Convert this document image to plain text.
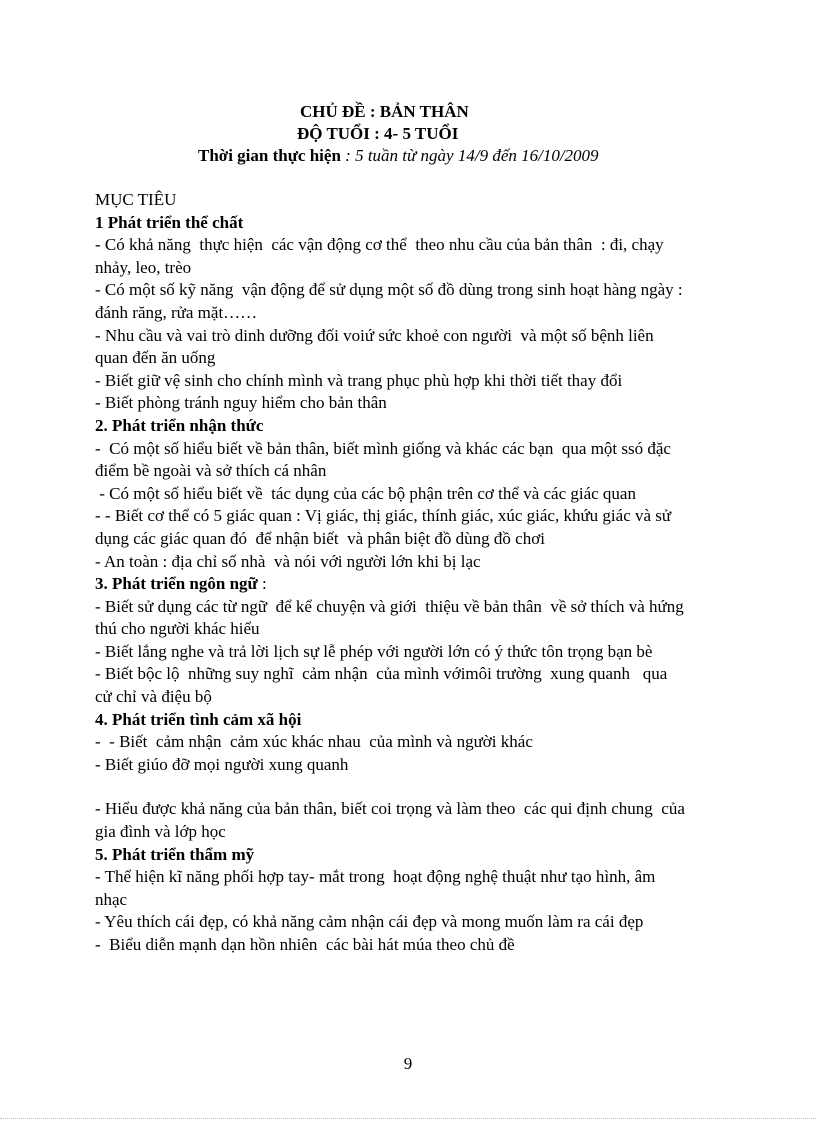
CHỦ ĐỀ : BẢN THÂN
ĐỘ TUỔI : 4- 5 TUỔI
Thời gian thực hiện : 5 tuần từ ngày 14/9 đến 16/10/2009
MỤC TIÊU
1 Phát triển thể chất
- Có khả năng  thực hiện  các vận động cơ thể  theo nhu cầu của bản thân  : đi, chạy
nhảy, leo, trèo
- Có một số kỹ năng  vận động để sử dụng một số đồ dùng trong sinh hoạt hàng ngày :
đánh răng, rửa mặt……
- Nhu cầu và vai trò dinh dưỡng đối voiứ sức khoẻ con người  và một số bệnh liên
quan đến ăn uống
- Biết giữ vệ sinh cho chính mình và trang phục phù hợp khi thời tiết thay đổi
- Biết phòng tránh nguy hiểm cho bản thân
2. Phát triển nhận thức
-  Có một số hiểu biết về bản thân, biết mình giống và khác các bạn  qua một ssó đặc
điểm bề ngoài và sở thích cá nhân
- Có một số hiểu biết về  tác dụng của các bộ phận trên cơ thể và các giác quan
- - Biết cơ thể có 5 giác quan : Vị giác, thị giác, thính giác, xúc giác, khứu giác và sử
dụng các giác quan đó  để nhận biết  và phân biệt đồ dùng đồ chơi
- An toàn : địa chỉ số nhà  và nói với người lớn khi bị lạc
3. Phát triển ngôn ngữ :
- Biết sử dụng các từ ngữ  để kể chuyện và giới  thiệu về bản thân  về sở thích và hứng
thú cho người khác hiểu
- Biết lắng nghe và trả lời lịch sự lễ phép với người lớn có ý thức tôn trọng bạn bè
- Biết bộc lộ  những suy nghĩ  cảm nhận  của mình vớimôi trường  xung quanh   qua
cử chỉ và điệu bộ
4. Phát triển tình cảm xã hội
-  - Biết  cảm nhận  cảm xúc khác nhau  của mình và người khác
- Biết giúo đỡ mọi người xung quanh
- Hiểu được khả năng của bản thân, biết coi trọng và làm theo  các qui định chung  của
gia đình và lớp học
5. Phát triển thẩm mỹ
- Thể hiện kĩ năng phối hợp tay- mắt trong  hoạt động nghệ thuật như tạo hình, âm
nhạc
- Yêu thích cái đẹp, có khả năng cảm nhận cái đẹp và mong muốn làm ra cái đẹp
-  Biểu diễn mạnh dạn hồn nhiên  các bài hát múa theo chủ đề
9
